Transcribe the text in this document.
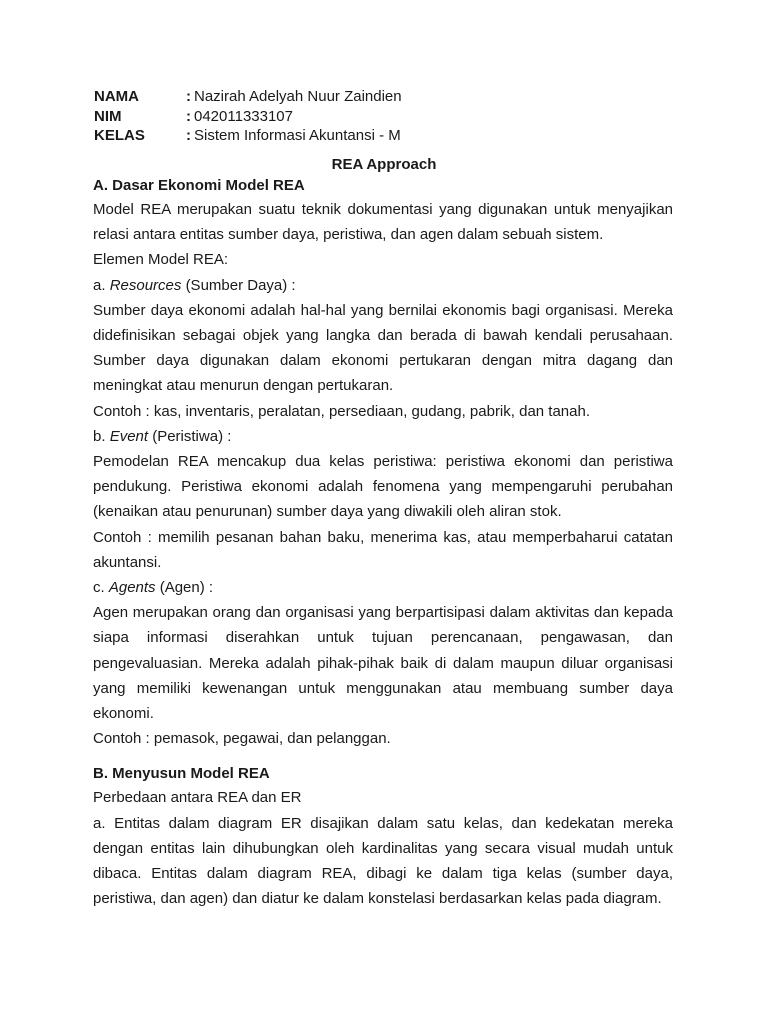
NAMA	: Nazirah Adelyah Nuur Zaindien
NIM	: 042011333107
KELAS	: Sistem Informasi Akuntansi - M
REA Approach
A. Dasar Ekonomi Model REA

Model REA merupakan suatu teknik dokumentasi yang digunakan untuk menyajikan relasi antara entitas sumber daya, peristiwa, dan agen dalam sebuah sistem.

Elemen Model REA:

a. Resources (Sumber Daya) :

Sumber daya ekonomi adalah hal-hal yang bernilai ekonomis bagi organisasi. Mereka didefinisikan sebagai objek yang langka dan berada di bawah kendali perusahaan. Sumber daya digunakan dalam ekonomi pertukaran dengan mitra dagang dan meningkat atau menurun dengan pertukaran.

Contoh : kas, inventaris, peralatan, persediaan, gudang, pabrik, dan tanah.

b. Event (Peristiwa) :

Pemodelan REA mencakup dua kelas peristiwa: peristiwa ekonomi dan peristiwa pendukung. Peristiwa ekonomi adalah fenomena yang mempengaruhi perubahan (kenaikan atau penurunan) sumber daya yang diwakili oleh aliran stok.

Contoh : memilih pesanan bahan baku, menerima kas, atau memperbaharui catatan akuntansi.

c. Agents (Agen) :

Agen merupakan orang dan organisasi yang berpartisipasi dalam aktivitas dan kepada siapa informasi diserahkan untuk tujuan perencanaan, pengawasan, dan pengevaluasian. Mereka adalah pihak-pihak baik di dalam maupun diluar organisasi yang memiliki kewenangan untuk menggunakan atau membuang sumber daya ekonomi.

Contoh : pemasok, pegawai, dan pelanggan.

B. Menyusun Model REA

Perbedaan antara REA dan ER

a. Entitas dalam diagram ER disajikan dalam satu kelas, dan kedekatan mereka dengan entitas lain dihubungkan oleh kardinalitas yang secara visual mudah untuk dibaca. Entitas dalam diagram REA, dibagi ke dalam tiga kelas (sumber daya, peristiwa, dan agen) dan diatur ke dalam konstelasi berdasarkan kelas pada diagram.
